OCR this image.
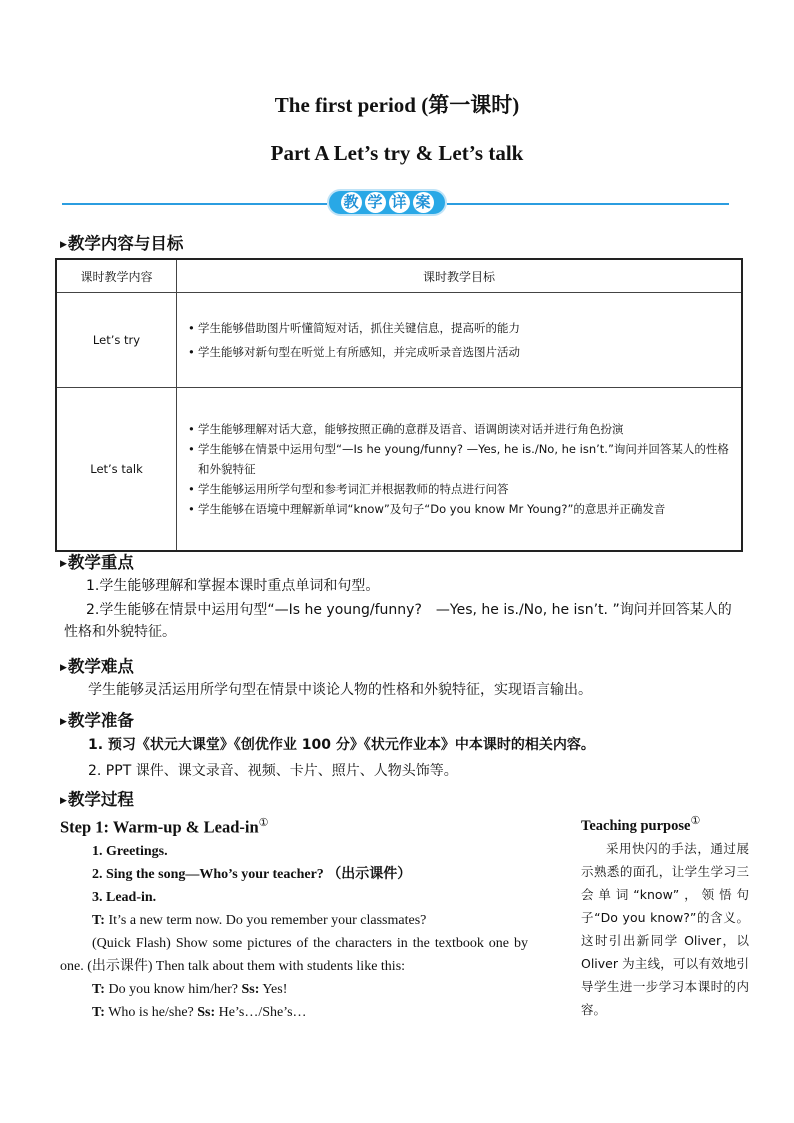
The first period (第一课时)
Part A Let’s try & Let’s talk
教 学 详 案
▶教学内容与目标
课时教学内容	课时教学目标
Let’s try	• 学生能够借助图片听懂简短对话，抓住关键信息，提高听的能力
• 学生能够对新句型在听觉上有所感知，并完成听录音选图片活动

Let’s talk	• 学生能够理解对话大意，能够按照正确的意群及语音、语调朗读对话并进行角色扮演
• 学生能够在情景中运用句型“—Is he young/funny? —Yes, he is./No, he isn’t.”询问并回答某人的性格和外貌特征
• 学生能够运用所学句型和参考词汇并根据教师的特点进行问答
• 学生能够在语境中理解新单词“know”及句子“Do you know Mr Young?”的意思并正确发音
▶教学重点
1.学生能够理解和掌握本课时重点单词和句型。
2.学生能够在情景中运用句型“—Is he young/funny?　—Yes, he is./No, he isn’t. ”询问并回答某人的性格和外貌特征。
▶教学难点
学生能够灵活运用所学句型在情景中谈论人物的性格和外貌特征，实现语言输出。
▶教学准备
1. 预习《状元大课堂》《创优作业 100 分》《状元作业本》中本课时的相关内容。
2. PPT 课件、课文录音、视频、卡片、照片、人物头饰等。
▶教学过程
Step 1: Warm-up & Lead-in①
1. Greetings.
2. Sing the song—Who’s your teacher? （出示课件）
3. Lead-in.
T: It’s a new term now. Do you remember your classmates?
(Quick Flash) Show some pictures of the characters in the textbook one by one. (出示课件) Then talk about them with students like this:
T: Do you know him/her? Ss: Yes!
T: Who is he/she? Ss: He’s…/She’s…
Teaching purpose①
采用快闪的手法，通过展示熟悉的面孔，让学生学习三会单词“know”，领悟句子“Do you know?”的含义。这时引出新同学 Oliver，以 Oliver 为主线，可以有效地引导学生进一步学习本课时的内容。
